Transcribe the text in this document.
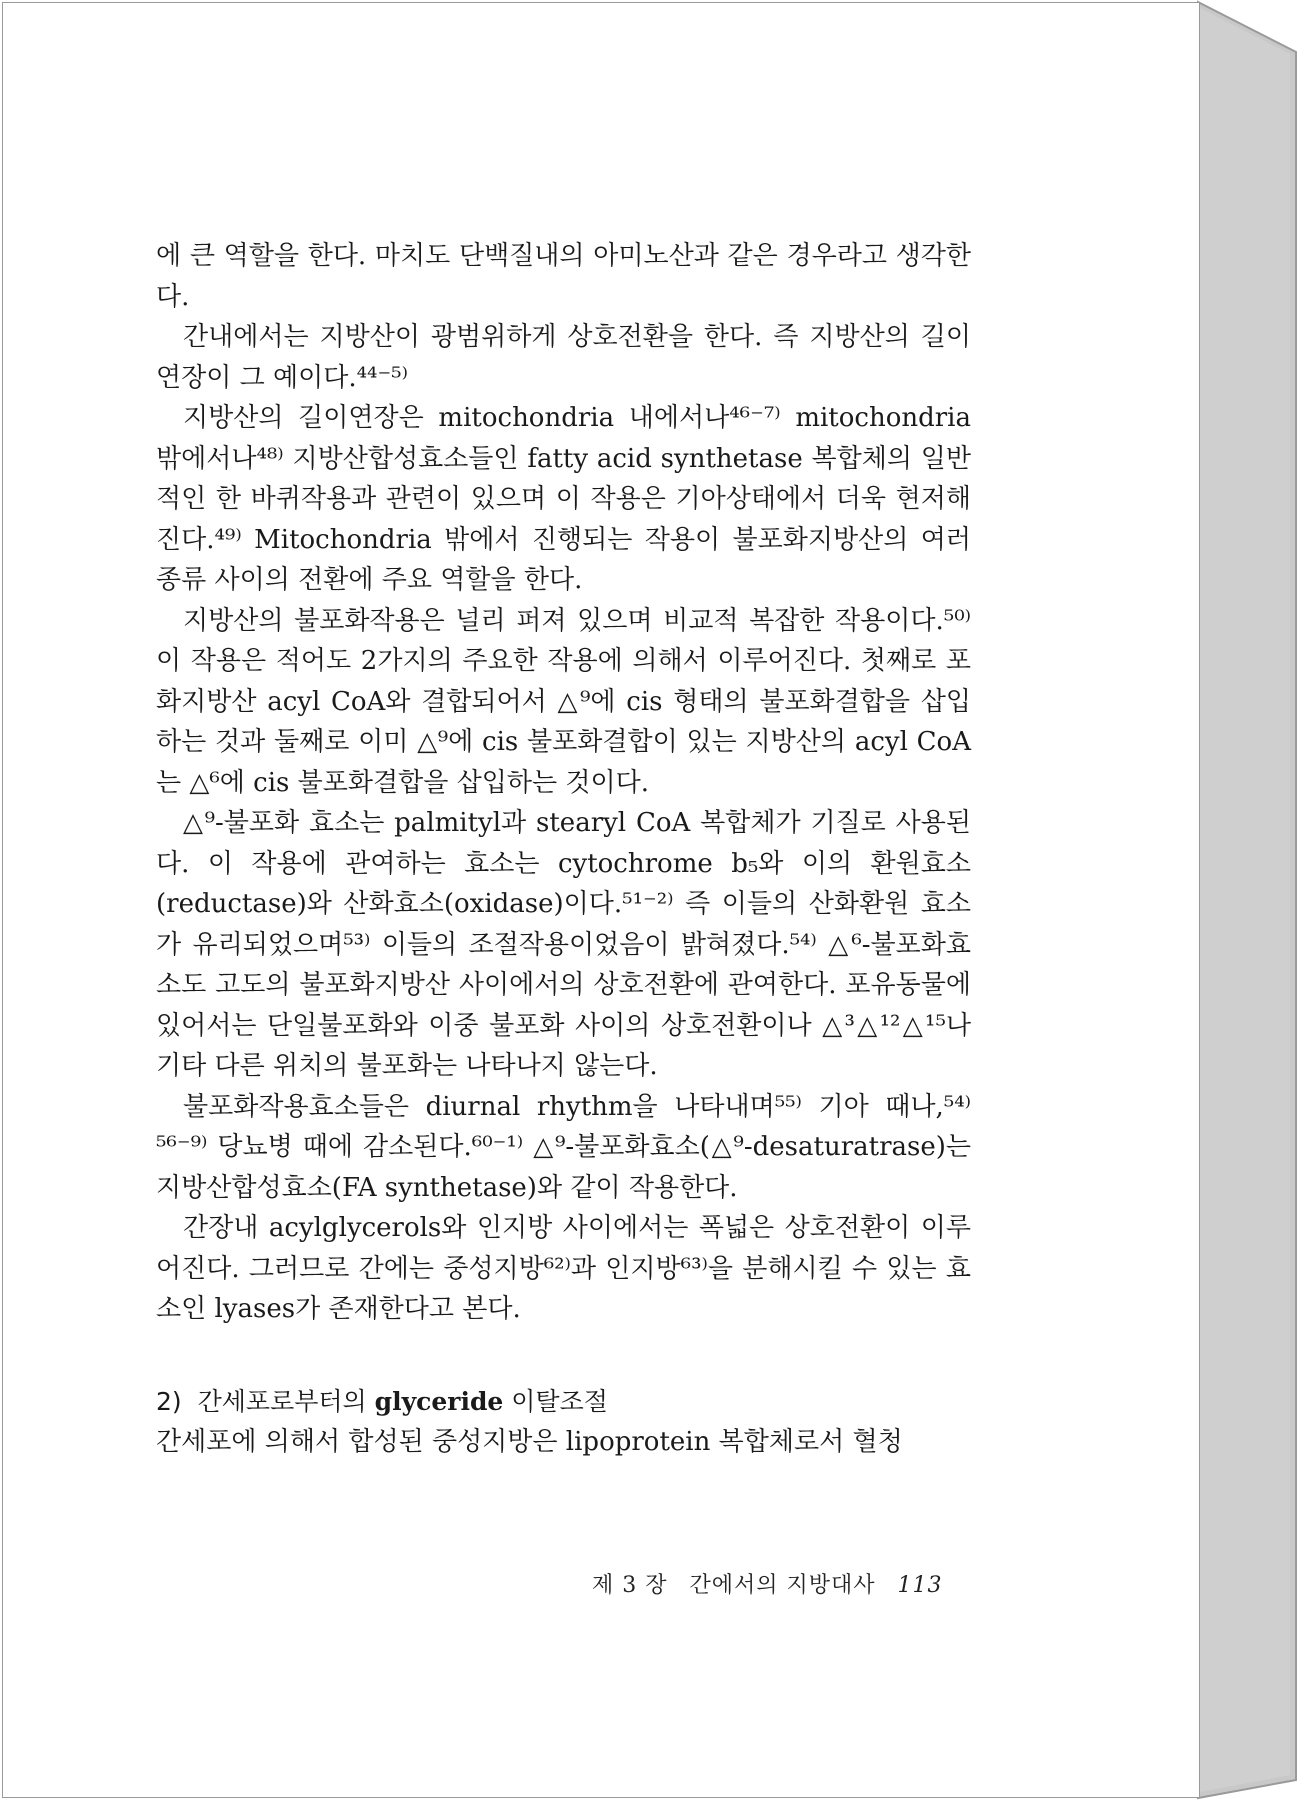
에 큰 역할을 한다. 마치도 단백질내의 아미노산과 같은 경우라고 생각한다.

간내에서는 지방산이 광범위하게 상호전환을 한다. 즉 지방산의 길이연장이 그 예이다.⁴⁴⁻⁵⁾

지방산의 길이연장은 mitochondria 내에서나⁴⁶⁻⁷⁾ mitochondria 밖에서나⁴⁸⁾ 지방산합성효소들인 fatty acid synthetase 복합체의 일반적인 한 바퀴작용과 관련이 있으며 이 작용은 기아상태에서 더욱 현저해진다.⁴⁹⁾ Mitochondria 밖에서 진행되는 작용이 불포화지방산의 여러 종류 사이의 전환에 주요 역할을 한다.

지방산의 불포화작용은 널리 퍼져 있으며 비교적 복잡한 작용이다.⁵⁰⁾ 이 작용은 적어도 2가지의 주요한 작용에 의해서 이루어진다. 첫째로 포화지방산 acyl CoA와 결합되어서 △⁹에 cis 형태의 불포화결합을 삽입하는 것과 둘째로 이미 △⁹에 cis 불포화결합이 있는 지방산의 acyl CoA는 △⁶에 cis 불포화결합을 삽입하는 것이다.

△⁹-불포화 효소는 palmityl과 stearyl CoA 복합체가 기질로 사용된다. 이 작용에 관여하는 효소는 cytochrome b₅와 이의 환원효소(reductase)와 산화효소(oxidase)이다.⁵¹⁻²⁾ 즉 이들의 산화환원 효소가 유리되었으며⁵³⁾ 이들의 조절작용이었음이 밝혀졌다.⁵⁴⁾ △⁶-불포화효소도 고도의 불포화지방산 사이에서의 상호전환에 관여한다. 포유동물에 있어서는 단일불포화와 이중 불포화 사이의 상호전환이나 △³△¹²△¹⁵나 기타 다른 위치의 불포화는 나타나지 않는다.

불포화작용효소들은 diurnal rhythm을 나타내며⁵⁵⁾ 기아 때나,⁵⁴⁾ ⁵⁶⁻⁹⁾ 당뇨병 때에 감소된다.⁶⁰⁻¹⁾ △⁹-불포화효소(△⁹-desaturatrase)는 지방산합성효소(FA synthetase)와 같이 작용한다.

간장내 acylglycerols와 인지방 사이에서는 폭넓은 상호전환이 이루어진다. 그러므로 간에는 중성지방⁶²⁾과 인지방⁶³⁾을 분해시킬 수 있는 효소인 lyases가 존재한다고 본다.

2) 간세포로부터의 glyceride 이탈조절

간세포에 의해서 합성된 중성지방은 lipoprotein 복합체로서 혈청

제 3 장 간에서의 지방대사 113
